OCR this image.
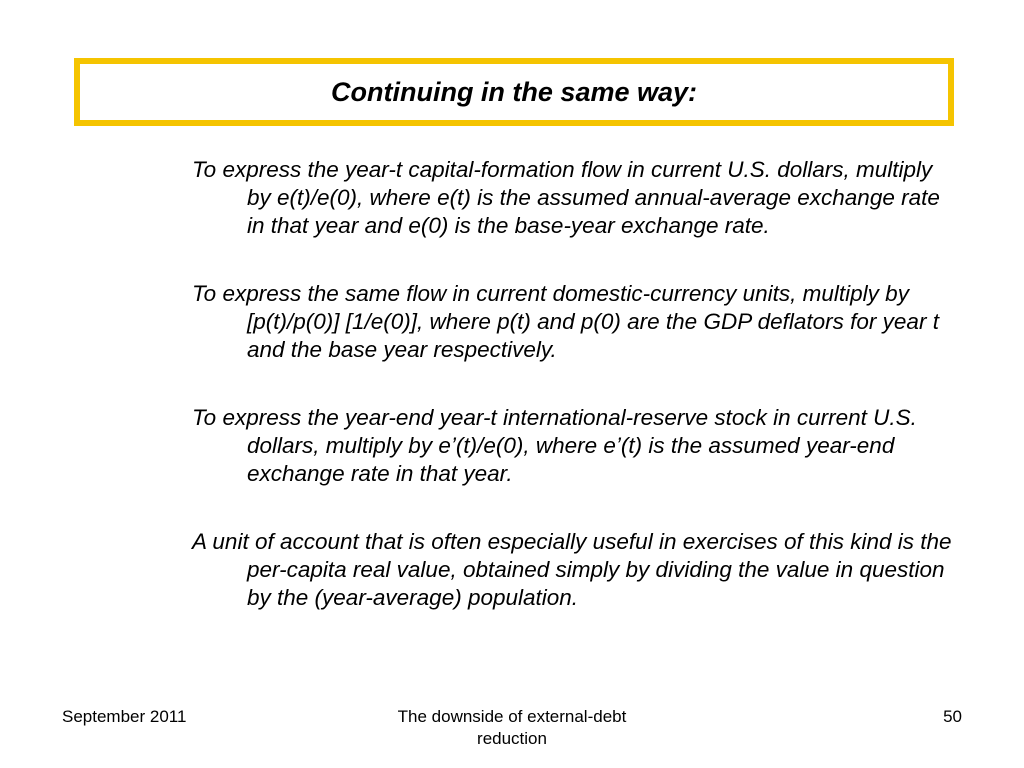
Continuing in the same way:

To express the year-t capital-formation flow in current U.S. dollars, multiply by e(t)/e(0), where e(t) is the assumed annual-average exchange rate in that year and e(0) is the base-year exchange rate.

To express the same flow in current domestic-currency units, multiply by [p(t)/p(0)] [1/e(0)], where p(t) and p(0) are the GDP deflators for year t and the base year respectively.

To express the year-end year-t international-reserve stock in current U.S. dollars, multiply by e’(t)/e(0), where e’(t) is the assumed year-end exchange rate in that year.

A unit of account that is often especially useful in exercises of this kind is the per-capita real value, obtained simply by dividing the value in question by the (year-average) population.

September 2011	The downside of external-debt reduction
50
